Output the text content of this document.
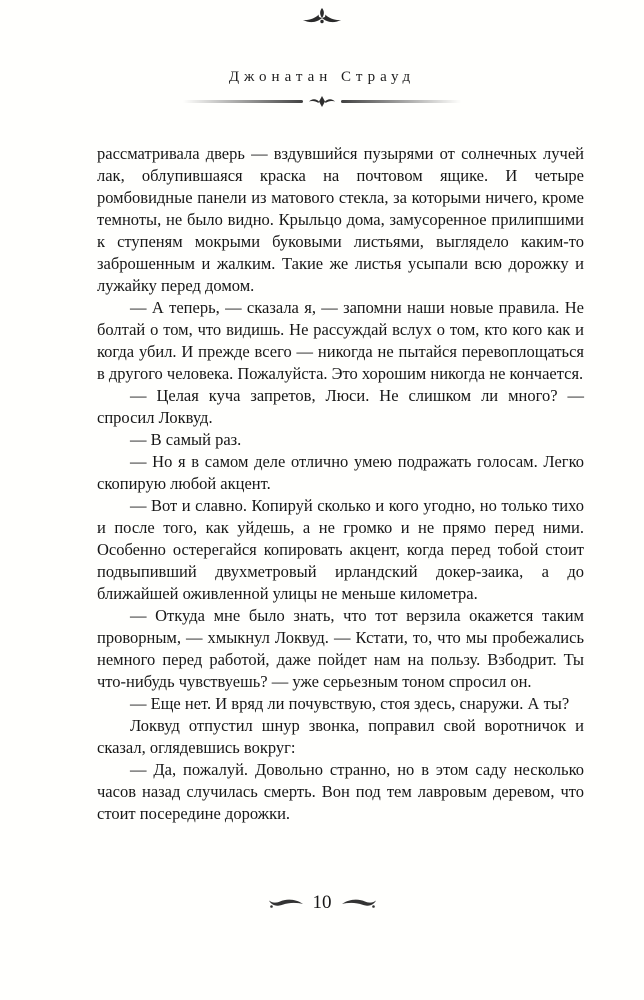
Джонатан Страуд

рассматривала дверь — вздувшийся пузырями от солнечных лучей лак, облупившаяся краска на почтовом ящике. И четыре ромбовидные панели из матового стекла, за которыми ничего, кроме темноты, не было видно. Крыльцо дома, замусоренное прилипшими к ступеням мокрыми буковыми листьями, выглядело каким-то заброшенным и жалким. Такие же листья усыпали всю дорожку и лужайку перед домом.

— А теперь, — сказала я, — запомни наши новые правила. Не болтай о том, что видишь. Не рассуждай вслух о том, кто кого как и когда убил. И прежде всего — никогда не пытайся перевоплощаться в другого человека. Пожалуйста. Это хорошим никогда не кончается.

— Целая куча запретов, Люси. Не слишком ли много? — спросил Локвуд.

— В самый раз.

— Но я в самом деле отлично умею подражать голосам. Легко скопирую любой акцент.

— Вот и славно. Копируй сколько и кого угодно, но только тихо и после того, как уйдешь, а не громко и не прямо перед ними. Особенно остерегайся копировать акцент, когда перед тобой стоит подвыпивший двухметровый ирландский докер-заика, а до ближайшей оживленной улицы не меньше километра.

— Откуда мне было знать, что тот верзила окажется таким проворным, — хмыкнул Локвуд. — Кстати, то, что мы пробежались немного перед работой, даже пойдет нам на пользу. Взбодрит. Ты что-нибудь чувствуешь? — уже серьезным тоном спросил он.

— Еще нет. И вряд ли почувствую, стоя здесь, снаружи. А ты?

Локвуд отпустил шнур звонка, поправил свой воротничок и сказал, оглядевшись вокруг:

— Да, пожалуй. Довольно странно, но в этом саду несколько часов назад случилась смерть. Вон под тем лавровым деревом, что стоит посередине дорожки.

10
